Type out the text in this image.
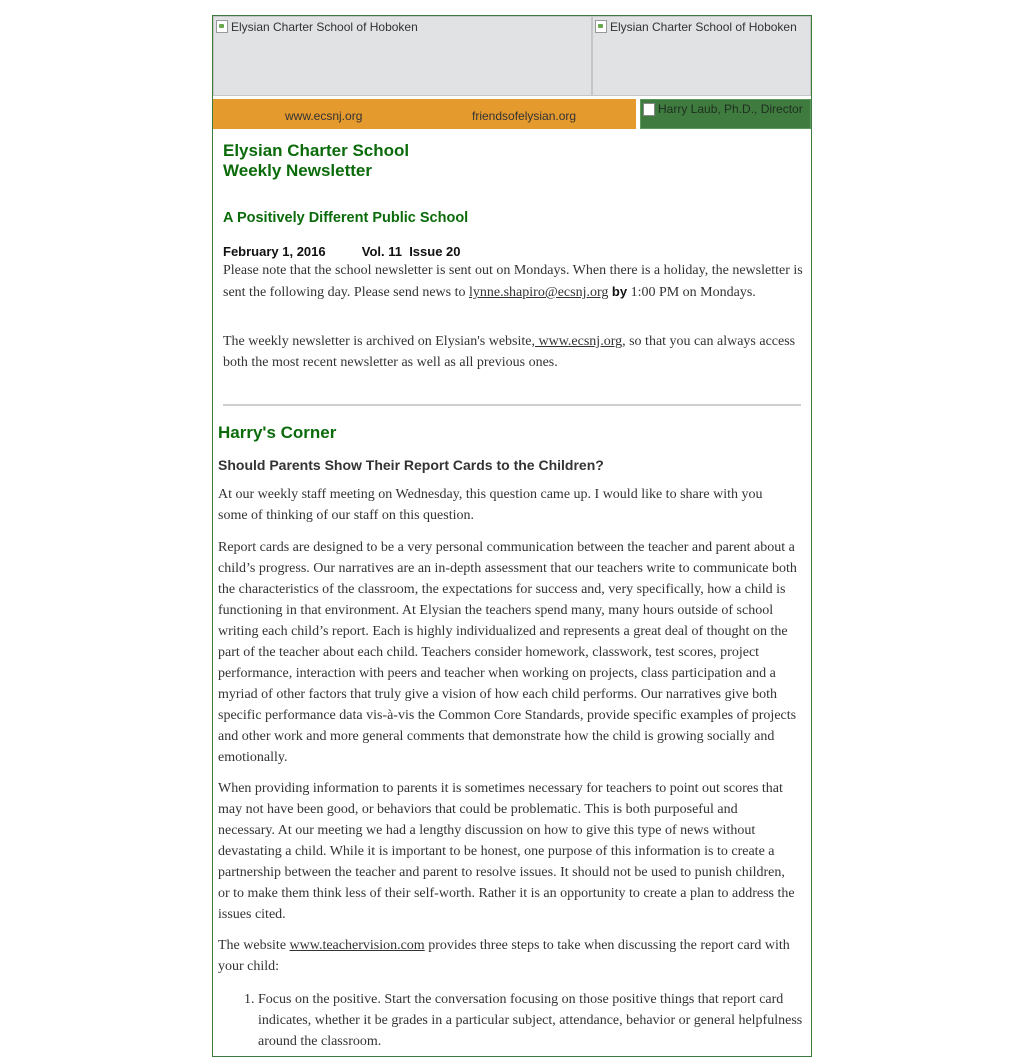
Elysian Charter School of Hoboken	Elysian Charter School of Hoboken
www.ecsnj.org	friendsofelysian.org	Harry Laub, Ph.D., Director
Elysian Charter School
Weekly Newsletter
A Positively Different Public School
February 1, 2016	Vol. 11  Issue 20
Please note that the school newsletter is sent out on Mondays. When there is a holiday, the newsletter is sent the following day. Please send news to lynne.shapiro@ecsnj.org by 1:00 PM on Mondays.
The weekly newsletter is archived on Elysian's website, www.ecsnj.org, so that you can always access both the most recent newsletter as well as all previous ones.
Harry's Corner
Should Parents Show Their Report Cards to the Children?
At our weekly staff meeting on Wednesday, this question came up. I would like to share with you some of thinking of our staff on this question.
Report cards are designed to be a very personal communication between the teacher and parent about a child’s progress. Our narratives are an in-depth assessment that our teachers write to communicate both the characteristics of the classroom, the expectations for success and, very specifically, how a child is functioning in that environment. At Elysian the teachers spend many, many hours outside of school writing each child’s report. Each is highly individualized and represents a great deal of thought on the part of the teacher about each child. Teachers consider homework, classwork, test scores, project performance, interaction with peers and teacher when working on projects, class participation and a myriad of other factors that truly give a vision of how each child performs. Our narratives give both specific performance data vis-à-vis the Common Core Standards, provide specific examples of projects and other work and more general comments that demonstrate how the child is growing socially and emotionally.
When providing information to parents it is sometimes necessary for teachers to point out scores that may not have been good, or behaviors that could be problematic. This is both purposeful and necessary. At our meeting we had a lengthy discussion on how to give this type of news without devastating a child. While it is important to be honest, one purpose of this information is to create a partnership between the teacher and parent to resolve issues. It should not be used to punish children, or to make them think less of their self-worth. Rather it is an opportunity to create a plan to address the issues cited.
The website www.teachervision.com provides three steps to take when discussing the report card with your child:
1. Focus on the positive. Start the conversation focusing on those positive things that report card indicates, whether it be grades in a particular subject, attendance, behavior or general helpfulness around the classroom.
